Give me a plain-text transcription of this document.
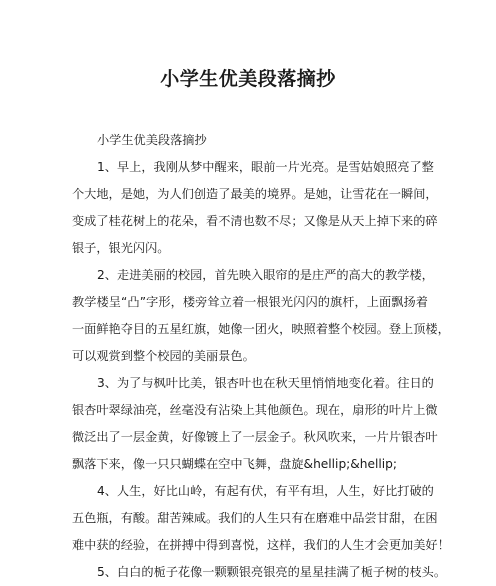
小学生优美段落摘抄
小学生优美段落摘抄
1、早上，我刚从梦中醒来，眼前一片光亮。是雪姑娘照亮了整
个大地，是她，为人们创造了最美的境界。是她，让雪花在一瞬间，
变成了桂花树上的花朵，看不清也数不尽；又像是从天上掉下来的碎
银子，银光闪闪。
2、走进美丽的校园，首先映入眼帘的是庄严的高大的教学楼，
教学楼呈“凸”字形，楼旁耸立着一根银光闪闪的旗杆，上面飘扬着
一面鲜艳夺目的五星红旗，她像一团火，映照着整个校园。登上顶楼，
可以观赏到整个校园的美丽景色。
3、为了与枫叶比美，银杏叶也在秋天里悄悄地变化着。往日的
银杏叶翠绿油亮，丝毫没有沾染上其他颜色。现在，扇形的叶片上微
微泛出了一层金黄，好像镀上了一层金子。秋风吹来，一片片银杏叶
飘落下来，像一只只蝴蝶在空中飞舞，盘旋&hellip;&hellip;
4、人生，好比山岭，有起有伏，有平有坦，人生，好比打破的
五色瓶，有酸。甜苦辣咸。我们的人生只有在磨难中品尝甘甜，在困
难中获的经验，在拼搏中得到喜悦，这样，我们的人生才会更加美好！
5、白白的栀子花像一颗颗银亮银亮的星星挂满了栀子树的枝头。
